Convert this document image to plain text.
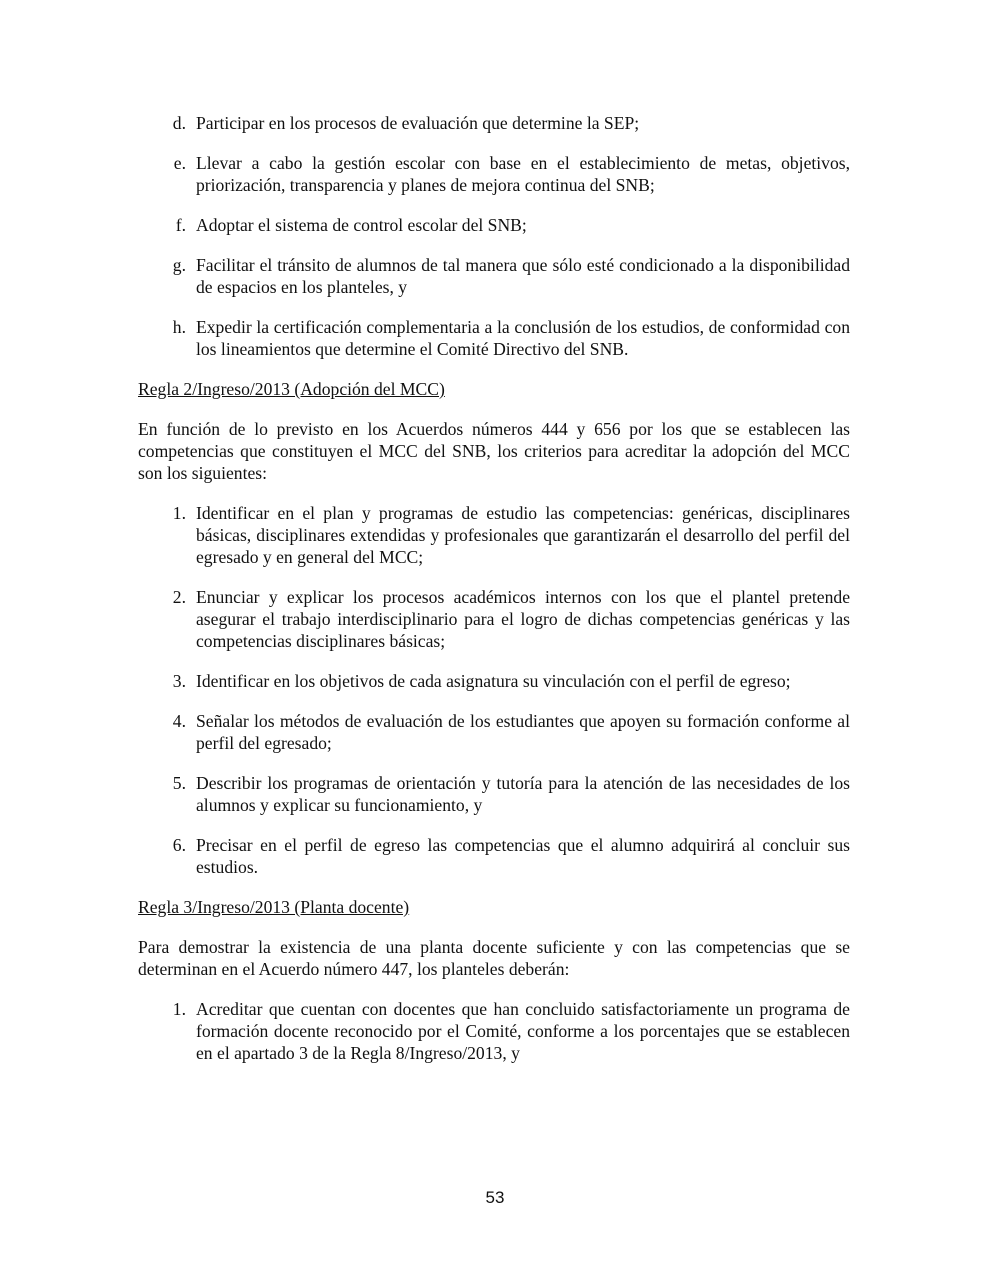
d. Participar en los procesos de evaluación que determine la SEP;
e. Llevar a cabo la gestión escolar con base en el establecimiento de metas, objetivos, priorización, transparencia y planes de mejora continua del SNB;
f. Adoptar el sistema de control escolar del SNB;
g. Facilitar el tránsito de alumnos de tal manera que sólo esté condicionado a la disponibilidad de espacios en los planteles, y
h. Expedir la certificación complementaria a la conclusión de los estudios, de conformidad con los lineamientos que determine el Comité Directivo del SNB.
Regla 2/Ingreso/2013 (Adopción del MCC)
En función de lo previsto en los Acuerdos números 444 y 656 por los que se establecen las competencias que constituyen el MCC del SNB, los criterios para acreditar la adopción del MCC son los siguientes:
1. Identificar en el plan y programas de estudio las competencias: genéricas, disciplinares básicas, disciplinares extendidas y profesionales que garantizarán el desarrollo del perfil del egresado y en general del MCC;
2. Enunciar y explicar los procesos académicos internos con los que el plantel pretende asegurar el trabajo interdisciplinario para el logro de dichas competencias genéricas y las competencias disciplinares básicas;
3. Identificar en los objetivos de cada asignatura su vinculación con el perfil de egreso;
4. Señalar los métodos de evaluación de los estudiantes que apoyen su formación conforme al perfil del egresado;
5. Describir los programas de orientación y tutoría para la atención de las necesidades de los alumnos y explicar su funcionamiento, y
6. Precisar en el perfil de egreso las competencias que el alumno adquirirá al concluir sus estudios.
Regla 3/Ingreso/2013 (Planta docente)
Para demostrar la existencia de una planta docente suficiente y con las competencias que se determinan en el Acuerdo número 447, los planteles deberán:
1. Acreditar que cuentan con docentes que han concluido satisfactoriamente un programa de formación docente reconocido por el Comité, conforme a los porcentajes que se establecen en el apartado 3 de la Regla 8/Ingreso/2013, y
53
